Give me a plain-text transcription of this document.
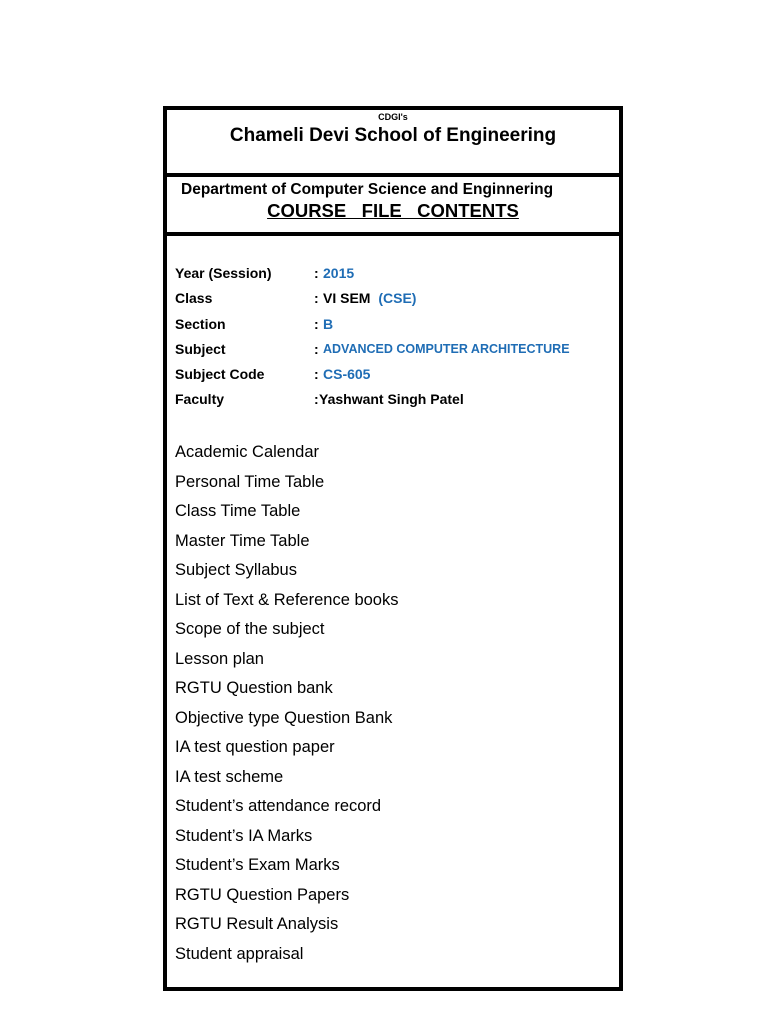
CDGI's
Chameli Devi School of Engineering
Department of Computer Science and Enginnering
COURSE   FILE   CONTENTS
Year (Session)	: 2015
Class	: VI SEM (CSE)
Section	: B
Subject	: ADVANCED COMPUTER ARCHITECTURE
Subject Code	: CS-605
Faculty	: Yashwant Singh Patel
Academic Calendar
Personal Time Table
Class Time Table
Master Time Table
Subject Syllabus
List of Text & Reference books
Scope of the subject
Lesson plan
RGTU Question bank
Objective type Question Bank
IA test question paper
IA test scheme
Student’s attendance record
Student’s IA Marks
Student’s Exam Marks
RGTU Question Papers
RGTU Result Analysis
Student appraisal
